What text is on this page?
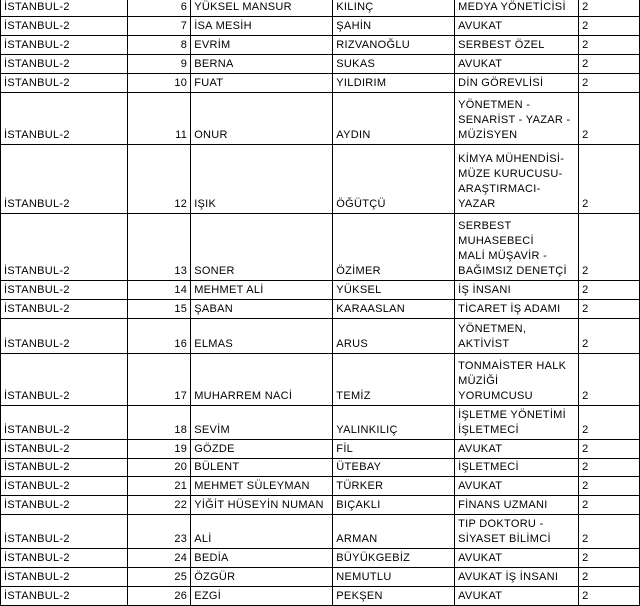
İSTANBUL-2	6	YÜKSEL MANSUR	KILINÇ	MEDYA YÖNETİCİSİ	2
İSTANBUL-2	7	İSA MESİH	ŞAHİN	AVUKAT	2
İSTANBUL-2	8	EVRİM	RIZVANOĞLU	SERBEST ÖZEL	2
İSTANBUL-2	9	BERNA	SUKAS	AVUKAT	2
İSTANBUL-2	10	FUAT	YILDIRIM	DİN GÖREVLİSİ	2
İSTANBUL-2	11	ONUR	AYDIN	YÖNETMEN -
SENARİST - YAZAR -
MÜZİSYEN	2
İSTANBUL-2	12	IŞIK	ÖĞÜTÇÜ	KİMYA MÜHENDİSİ-
MÜZE KURUCUSU-
ARAŞTIRMACI- YAZAR	2
İSTANBUL-2	13	SONER	ÖZİMER	SERBEST MUHASEBECİ
MALİ MÜŞAVİR -
BAĞIMSIZ DENETÇİ	2
İSTANBUL-2	14	MEHMET ALİ	YÜKSEL	İŞ İNSANI	2
İSTANBUL-2	15	ŞABAN	KARAASLAN	TİCARET İŞ ADAMI	2
İSTANBUL-2	16	ELMAS	ARUS	YÖNETMEN, AKTİVİST	2
İSTANBUL-2	17	MUHARREM NACİ	TEMİZ	TONMAİSTER HALK
MÜZİĞİ YORUMCUSU	2
İSTANBUL-2	18	SEVİM	YALINKILIÇ	İŞLETME YÖNETİMİ
İŞLETMECİ	2
İSTANBUL-2	19	GÖZDE	FİL	AVUKAT	2
İSTANBUL-2	20	BÜLENT	ÜTEBAY	İŞLETMECİ	2
İSTANBUL-2	21	MEHMET SÜLEYMAN	TÜRKER	AVUKAT	2
İSTANBUL-2	22	YİĞİT HÜSEYİN NUMAN	BIÇAKLI	FİNANS UZMANI	2
İSTANBUL-2	23	ALİ	ARMAN	TIP DOKTORU -
SİYASET BİLİMCİ	2
İSTANBUL-2	24	BEDİA	BÜYÜKGEBİZ	AVUKAT	2
İSTANBUL-2	25	ÖZGÜR	NEMUTLU	AVUKAT İŞ İNSANI	2
İSTANBUL-2	26	EZGİ	PEKŞEN	AVUKAT	2
